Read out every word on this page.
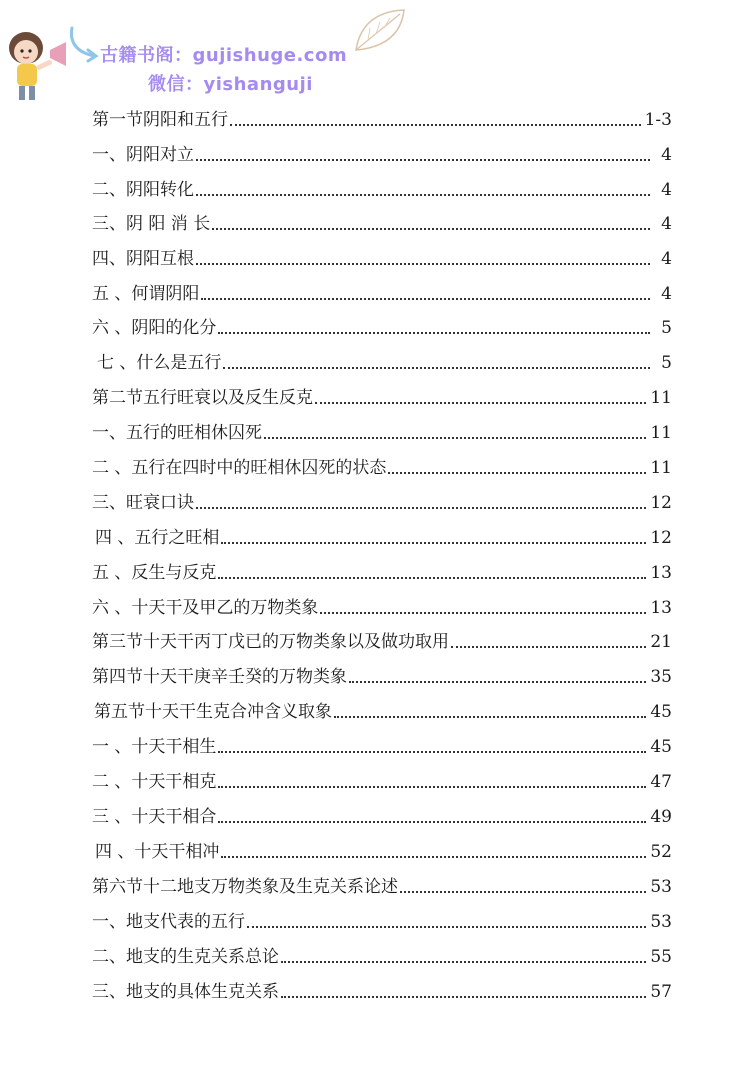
古籍书阁：gujishuge.com
微信：yishanguji
第一节阴阳和五行	1-3
一、阴阳对立	4
二、阴阳转化	4
三、阴 阳 消 长	4
四、阴阳互根	4
五 、何谓阴阳	4
六 、阴阳的化分	5
七 、什么是五行	5
第二节五行旺衰以及反生反克	11
一、五行的旺相休囚死	11
二 、五行在四时中的旺相休囚死的状态	11
三、旺衰口诀	12
四 、五行之旺相	12
五 、反生与反克	13
六 、十天干及甲乙的万物类象	13
第三节十天干丙丁戊已的万物类象以及做功取用	21
第四节十天干庚辛壬癸的万物类象	35
第五节十天干生克合冲含义取象	45
一 、十天干相生	45
二 、十天干相克	47
三 、十天干相合	49
四 、十天干相冲	52
第六节十二地支万物类象及生克关系论述	53
一、地支代表的五行	53
二、地支的生克关系总论	55
三、地支的具体生克关系	57
